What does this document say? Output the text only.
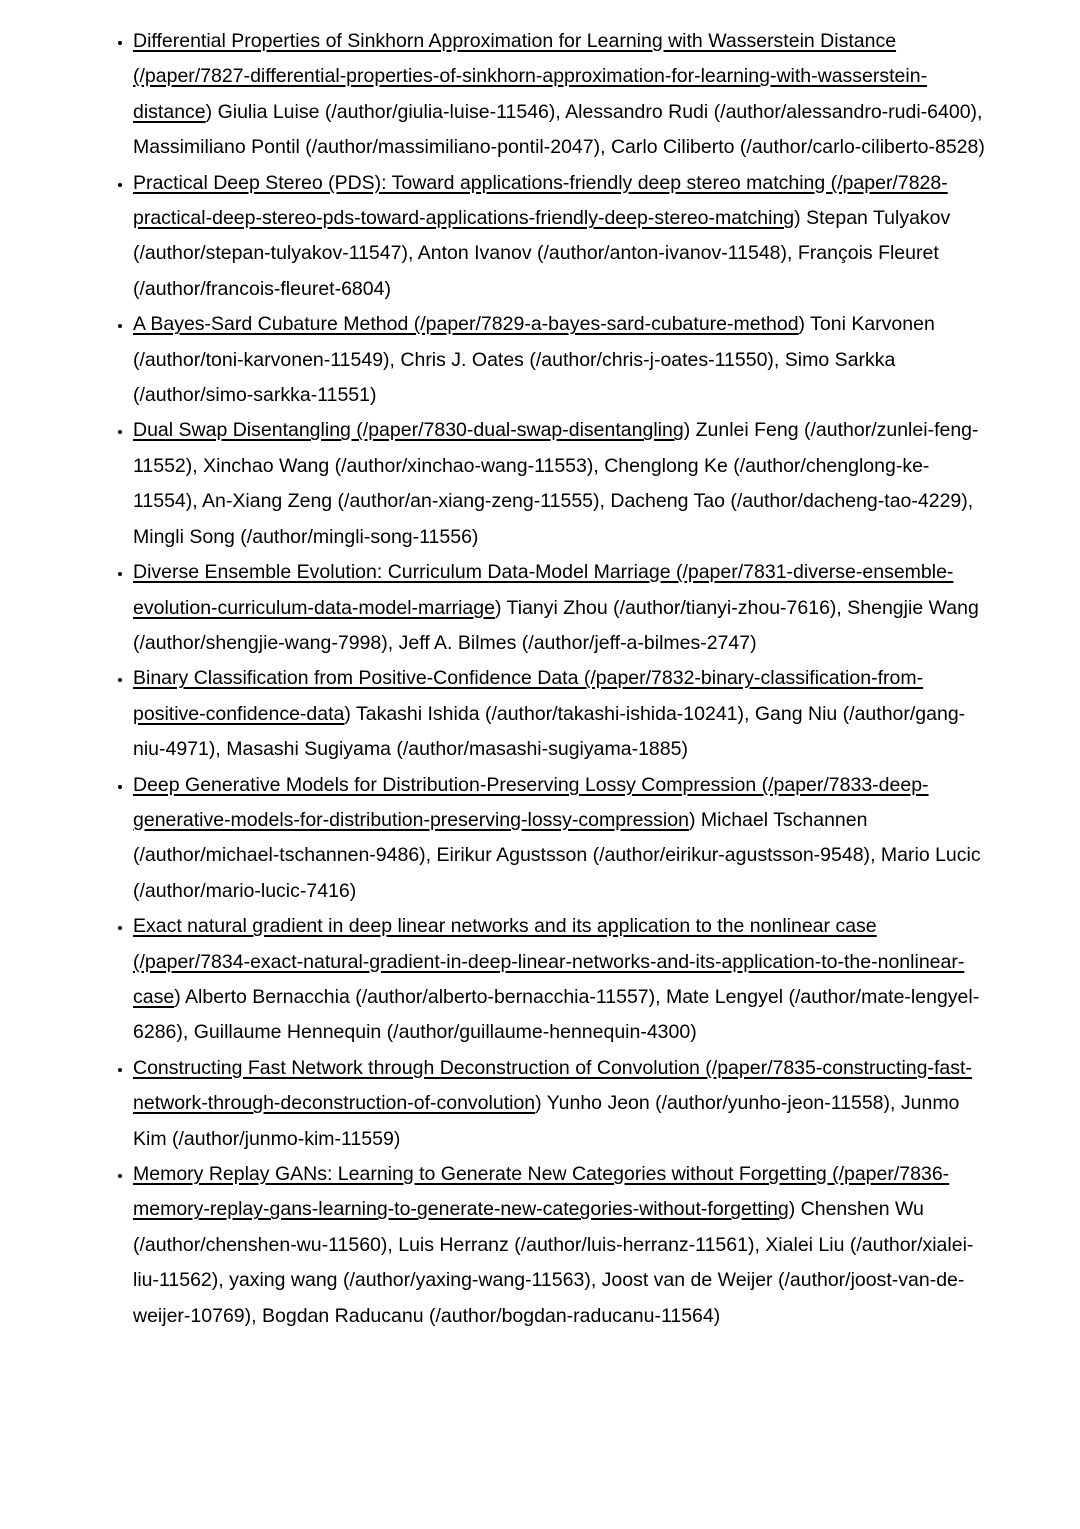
• Differential Properties of Sinkhorn Approximation for Learning with Wasserstein Distance (/paper/7827-differential-properties-of-sinkhorn-approximation-for-learning-with-wasserstein-distance) Giulia Luise (/author/giulia-luise-11546), Alessandro Rudi (/author/alessandro-rudi-6400), Massimiliano Pontil (/author/massimiliano-pontil-2047), Carlo Ciliberto (/author/carlo-ciliberto-8528)
• Practical Deep Stereo (PDS): Toward applications-friendly deep stereo matching (/paper/7828-practical-deep-stereo-pds-toward-applications-friendly-deep-stereo-matching) Stepan Tulyakov (/author/stepan-tulyakov-11547), Anton Ivanov (/author/anton-ivanov-11548), François Fleuret (/author/francois-fleuret-6804)
• A Bayes-Sard Cubature Method (/paper/7829-a-bayes-sard-cubature-method) Toni Karvonen (/author/toni-karvonen-11549), Chris J. Oates (/author/chris-j-oates-11550), Simo Sarkka (/author/simo-sarkka-11551)
• Dual Swap Disentangling (/paper/7830-dual-swap-disentangling) Zunlei Feng (/author/zunlei-feng-11552), Xinchao Wang (/author/xinchao-wang-11553), Chenglong Ke (/author/chenglong-ke-11554), An-Xiang Zeng (/author/an-xiang-zeng-11555), Dacheng Tao (/author/dacheng-tao-4229), Mingli Song (/author/mingli-song-11556)
• Diverse Ensemble Evolution: Curriculum Data-Model Marriage (/paper/7831-diverse-ensemble-evolution-curriculum-data-model-marriage) Tianyi Zhou (/author/tianyi-zhou-7616), Shengjie Wang (/author/shengjie-wang-7998), Jeff A. Bilmes (/author/jeff-a-bilmes-2747)
• Binary Classification from Positive-Confidence Data (/paper/7832-binary-classification-from-positive-confidence-data) Takashi Ishida (/author/takashi-ishida-10241), Gang Niu (/author/gang-niu-4971), Masashi Sugiyama (/author/masashi-sugiyama-1885)
• Deep Generative Models for Distribution-Preserving Lossy Compression (/paper/7833-deep-generative-models-for-distribution-preserving-lossy-compression) Michael Tschannen (/author/michael-tschannen-9486), Eirikur Agustsson (/author/eirikur-agustsson-9548), Mario Lucic (/author/mario-lucic-7416)
• Exact natural gradient in deep linear networks and its application to the nonlinear case (/paper/7834-exact-natural-gradient-in-deep-linear-networks-and-its-application-to-the-nonlinear-case) Alberto Bernacchia (/author/alberto-bernacchia-11557), Mate Lengyel (/author/mate-lengyel-6286), Guillaume Hennequin (/author/guillaume-hennequin-4300)
• Constructing Fast Network through Deconstruction of Convolution (/paper/7835-constructing-fast-network-through-deconstruction-of-convolution) Yunho Jeon (/author/yunho-jeon-11558), Junmo Kim (/author/junmo-kim-11559)
• Memory Replay GANs: Learning to Generate New Categories without Forgetting (/paper/7836-memory-replay-gans-learning-to-generate-new-categories-without-forgetting) Chenshen Wu (/author/chenshen-wu-11560), Luis Herranz (/author/luis-herranz-11561), Xialei Liu (/author/xialei-liu-11562), yaxing wang (/author/yaxing-wang-11563), Joost van de Weijer (/author/joost-van-de-weijer-10769), Bogdan Raducanu (/author/bogdan-raducanu-11564)
